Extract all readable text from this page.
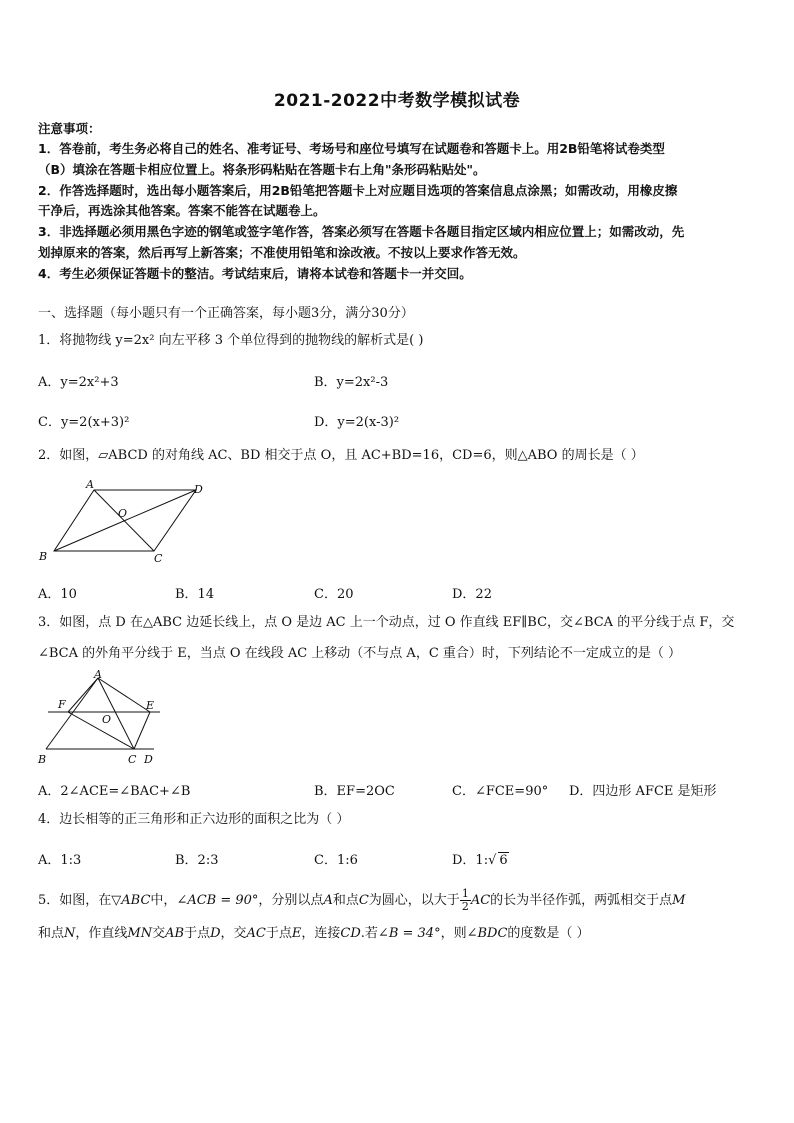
2021-2022中考数学模拟试卷
注意事项：
1．答卷前，考生务必将自己的姓名、准考证号、考场号和座位号填写在试题卷和答题卡上。用2B铅笔将试卷类型
（B）填涂在答题卡相应位置上。将条形码粘贴在答题卡右上角"条形码粘贴处"。
2．作答选择题时，选出每小题答案后，用2B铅笔把答题卡上对应题目选项的答案信息点涂黑；如需改动，用橡皮擦
干净后，再选涂其他答案。答案不能答在试题卷上。
3．非选择题必须用黑色字迹的钢笔或签字笔作答，答案必须写在答题卡各题目指定区域内相应位置上；如需改动，先
划掉原来的答案，然后再写上新答案；不准使用铅笔和涂改液。不按以上要求作答无效。
4．考生必须保证答题卡的整洁。考试结束后，请将本试卷和答题卡一并交回。
一、选择题（每小题只有一个正确答案，每小题3分，满分30分）
1．将抛物线 y=2x² 向左平移 3 个单位得到的抛物线的解析式是( )
A．y=2x²+3	B．y=2x²-3
C．y=2(x+3)²	D．y=2(x-3)²
2．如图，▱ABCD 的对角线 AC、BD 相交于点 O，且 AC+BD=16，CD=6，则△ABO 的周长是（ ）
A	D
O
B	C
A．10	B．14	C．20	D．22
3．如图，点 D 在△ABC 边延长线上，点 O 是边 AC 上一个动点，过 O 作直线 EF∥BC，交∠BCA 的平分线于点 F，交
∠BCA 的外角平分线于 E，当点 O 在线段 AC 上移动（不与点 A，C 重合）时，下列结论不一定成立的是（ ）
A
F	E
O
B	C D
A．2∠ACE=∠BAC+∠B	B．EF=2OC	C．∠FCE=90° D．四边形 AFCE 是矩形
4．边长相等的正三角形和正六边形的面积之比为（ ）
A．1:3	B．2:3	C．1:6	D．1:√ 6
5．如图，在▽ABC中，∠ACB = 90°，分别以点A和点C为圆心，以大于 $\frac{1}{2}$ AC的长为半径作弧，两弧相交于点M
和点N，作直线MN交AB于点D，交AC于点E，连接CD.若∠B = 34°，则∠BDC的度数是（ ）
